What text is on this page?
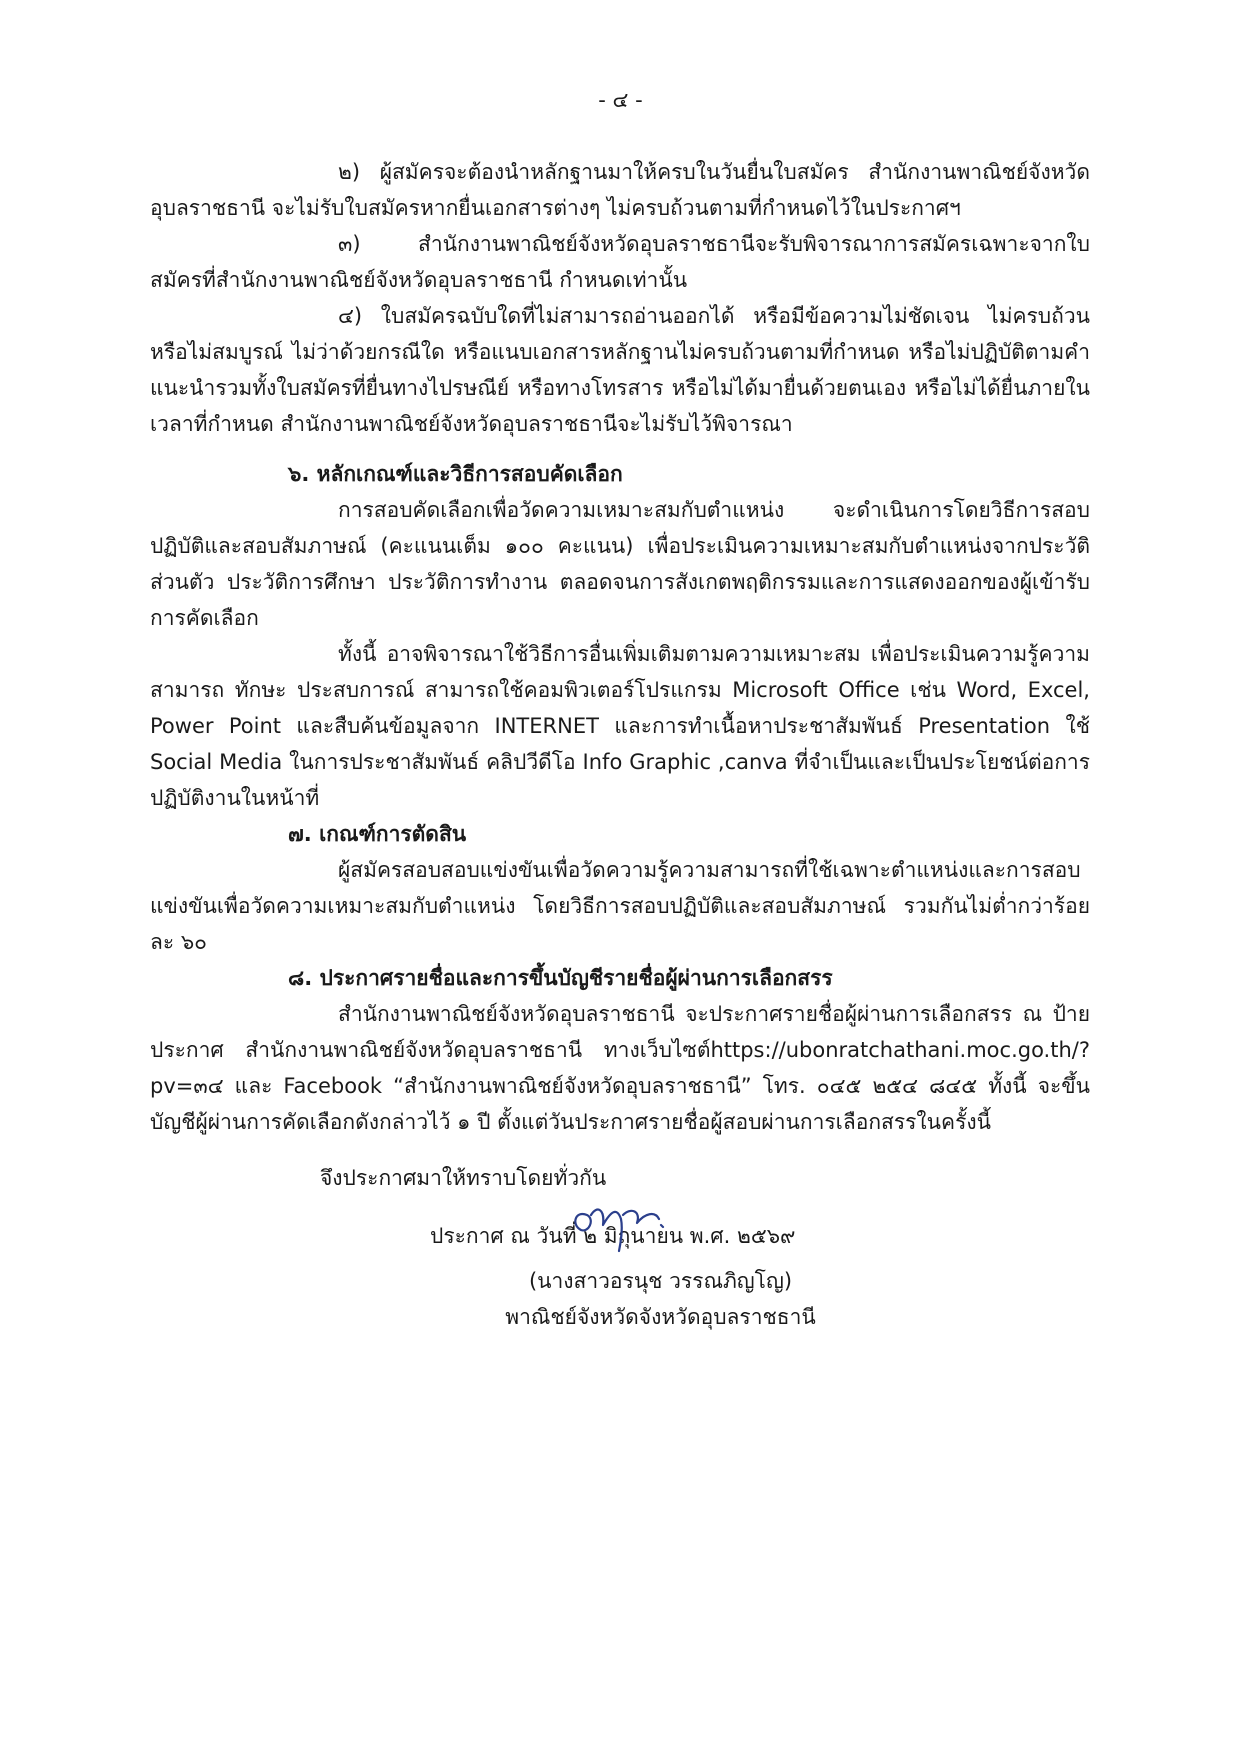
- ๔ -

๒) ผู้สมัครจะต้องนำหลักฐานมาให้ครบในวันยื่นใบสมัคร สำนักงานพาณิชย์จังหวัดอุบลราชธานี จะไม่รับใบสมัครหากยื่นเอกสารต่างๆ ไม่ครบถ้วนตามที่กำหนดไว้ในประกาศฯ

๓) สำนักงานพาณิชย์จังหวัดอุบลราชธานีจะรับพิจารณาการสมัครเฉพาะจากใบสมัครที่สำนักงานพาณิชย์จังหวัดอุบลราชธานี กำหนดเท่านั้น

๔) ใบสมัครฉบับใดที่ไม่สามารถอ่านออกได้ หรือมีข้อความไม่ชัดเจน ไม่ครบถ้วนหรือไม่สมบูรณ์ ไม่ว่าด้วยกรณีใด หรือแนบเอกสารหลักฐานไม่ครบถ้วนตามที่กำหนด หรือไม่ปฏิบัติตามคำแนะนำรวมทั้งใบสมัครที่ยื่นทางไปรษณีย์ หรือทางโทรสาร หรือไม่ได้มายื่นด้วยตนเอง หรือไม่ได้ยื่นภายในเวลาที่กำหนด สำนักงานพาณิชย์จังหวัดอุบลราชธานีจะไม่รับไว้พิจารณา

๖. หลักเกณฑ์และวิธีการสอบคัดเลือก

การสอบคัดเลือกเพื่อวัดความเหมาะสมกับตำแหน่ง จะดำเนินการโดยวิธีการสอบปฏิบัติและสอบสัมภาษณ์ (คะแนนเต็ม ๑๐๐ คะแนน) เพื่อประเมินความเหมาะสมกับตำแหน่งจากประวัติส่วนตัว ประวัติการศึกษา ประวัติการทำงาน ตลอดจนการสังเกตพฤติกรรมและการแสดงออกของผู้เข้ารับการคัดเลือก

ทั้งนี้ อาจพิจารณาใช้วิธีการอื่นเพิ่มเติมตามความเหมาะสม เพื่อประเมินความรู้ความสามารถ ทักษะ ประสบการณ์ สามารถใช้คอมพิวเตอร์โปรแกรม Microsoft Office เช่น Word, Excel, Power Point และสืบค้นข้อมูลจาก INTERNET และการทำเนื้อหาประชาสัมพันธ์ Presentation ใช้ Social Media ในการประชาสัมพันธ์ คลิปวีดีโอ Info Graphic ,canva ที่จำเป็นและเป็นประโยชน์ต่อการปฏิบัติงานในหน้าที่

๗. เกณฑ์การตัดสิน

ผู้สมัครสอบสอบแข่งขันเพื่อวัดความรู้ความสามารถที่ใช้เฉพาะตำแหน่งและการสอบแข่งขันเพื่อวัดความเหมาะสมกับตำแหน่ง โดยวิธีการสอบปฏิบัติและสอบสัมภาษณ์ รวมกันไม่ต่ำกว่าร้อยละ ๖๐

๘. ประกาศรายชื่อและการขึ้นบัญชีรายชื่อผู้ผ่านการเลือกสรร

สำนักงานพาณิชย์จังหวัดอุบลราชธานี จะประกาศรายชื่อผู้ผ่านการเลือกสรร ณ ป้ายประกาศ สำนักงานพาณิชย์จังหวัดอุบลราชธานี ทางเว็บไซต์https://ubonratchathani.moc.go.th/?pv=๓๔ และ Facebook “สำนักงานพาณิชย์จังหวัดอุบลราชธานี” โทร. ๐๔๕ ๒๕๔ ๘๔๕ ทั้งนี้ จะขึ้นบัญชีผู้ผ่านการคัดเลือกดังกล่าวไว้ ๑ ปี ตั้งแต่วันประกาศรายชื่อผู้สอบผ่านการเลือกสรรในครั้งนี้

จึงประกาศมาให้ทราบโดยทั่วกัน

ประกาศ ณ วันที่ ๒ มิถุนายน พ.ศ. ๒๕๖๙

(นางสาวอรนุช วรรณภิญโญ)

พาณิชย์จังหวัดจังหวัดอุบลราชธานี
